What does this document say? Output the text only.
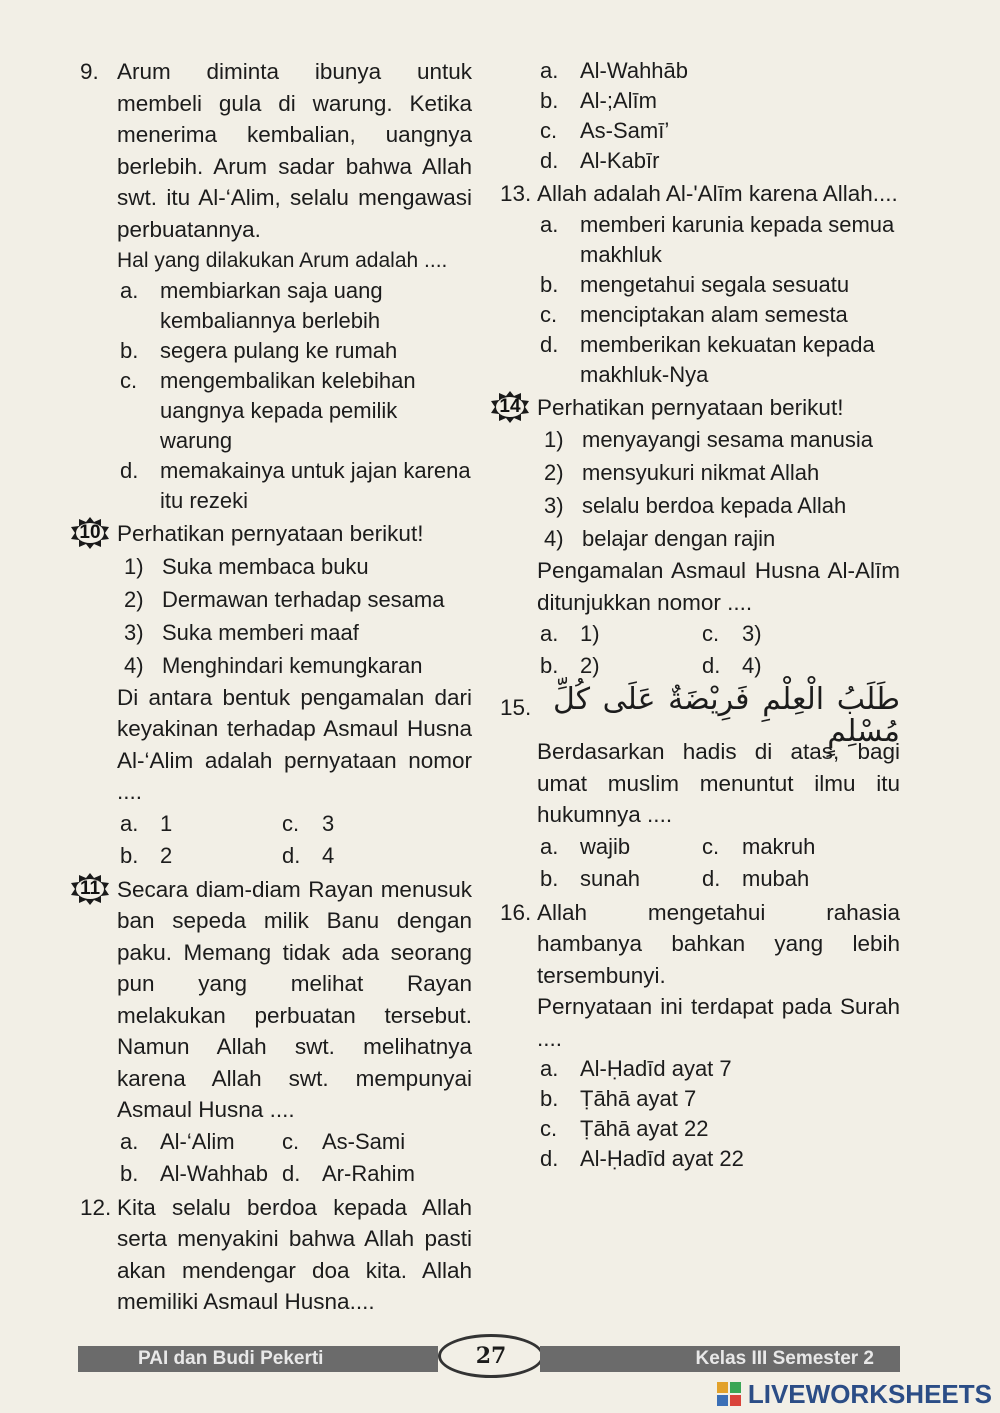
9. Arum diminta ibunya untuk membeli gula di warung. Ketika menerima kembalian, uangnya berlebih. Arum sadar bahwa Allah swt. itu Al-‘Alim, selalu mengawasi perbuatannya.
Hal yang dilakukan Arum adalah ....
a. membiarkan saja uang kembaliannya berlebih
b. segera pulang ke rumah
c. mengembalikan kelebihan uangnya kepada pemilik warung
d. memakainya untuk jajan karena itu rezeki
10 Perhatikan pernyataan berikut!
1) Suka membaca buku
2) Dermawan terhadap sesama
3) Suka memberi maaf
4) Menghindari kemungkaran
Di antara bentuk pengamalan dari keyakinan terhadap Asmaul Husna Al-‘Alim adalah pernyataan nomor ....
a. 1	c. 3
b. 2	d. 4
11 Secara diam-diam Rayan menusuk ban sepeda milik Banu dengan paku. Memang tidak ada seorang pun yang melihat Rayan melakukan perbuatan tersebut. Namun Allah swt. melihatnya karena Allah swt. mempunyai Asmaul Husna ....
a. Al-‘Alim	c. As-Sami
b. Al-Wahhab d. Ar-Rahim
12. Kita selalu berdoa kepada Allah serta menyakini bahwa Allah pasti akan mendengar doa kita. Allah memiliki Asmaul Husna....
a. Al-Wahhāb
b. Al-;Alīm
c. As-Samī’
d. Al-Kabīr
13. Allah adalah Al-'Alīm karena Allah....
a. memberi karunia kepada semua makhluk
b. mengetahui segala sesuatu
c. menciptakan alam semesta
d. memberikan kekuatan kepada makhluk-Nya
14 Perhatikan pernyataan berikut!
1) menyayangi sesama manusia
2) mensyukuri nikmat Allah
3) selalu berdoa kepada Allah
4) belajar dengan rajin
Pengamalan Asmaul Husna Al-Alīm ditunjukkan nomor ....
a. 1)	c. 3)
b. 2)	d. 4)
15. طَلَبُ الْعِلْمِ فَرِيْضَةٌ عَلَى كُلِّ مُسْلِمٍ
Berdasarkan hadis di atas, bagi umat muslim menuntut ilmu itu hukumnya ....
a. wajib	c. makruh
b. sunah	d. mubah
16. Allah mengetahui rahasia hambanya bahkan yang lebih tersembunyi.
Pernyataan ini terdapat pada Surah ....
a. Al-Ḥadīd ayat 7
b. Ṭāhā ayat 7
c. Ṭāhā ayat 22
d. Al-Ḥadīd ayat 22
PAI dan Budi Pekerti	27	Kelas III Semester 2
LIVEWORKSHEETS
